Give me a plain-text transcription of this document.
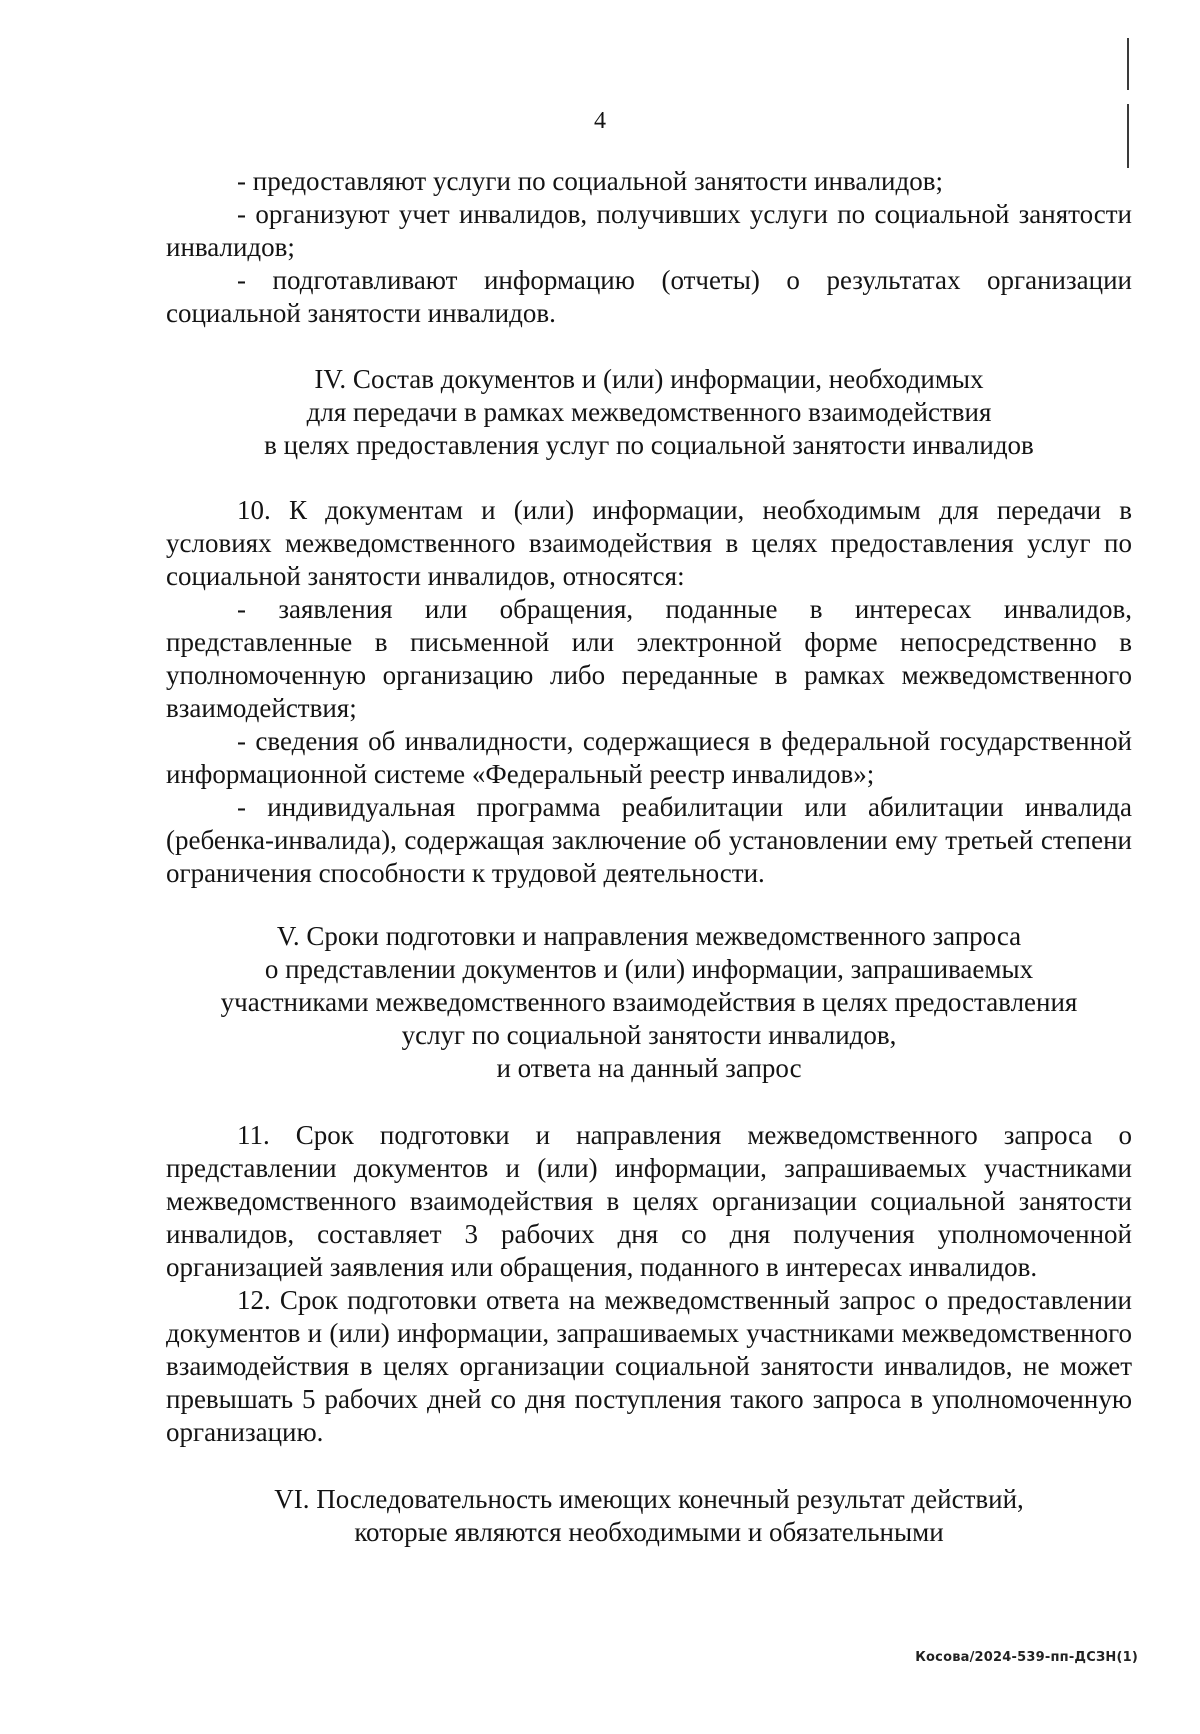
4

- предоставляют услуги по социальной занятости инвалидов;

- организуют учет инвалидов, получивших услуги по социальной занятости инвалидов;

- подготавливают информацию (отчеты) о результатах организации социальной занятости инвалидов.

IV. Состав документов и (или) информации, необходимых
для передачи в рамках межведомственного взаимодействия
в целях предоставления услуг по социальной занятости инвалидов

10. К документам и (или) информации, необходимым для передачи в условиях межведомственного взаимодействия в целях предоставления услуг по социальной занятости инвалидов, относятся:

- заявления или обращения, поданные в интересах инвалидов, представленные в письменной или электронной форме непосредственно в уполномоченную организацию либо переданные в рамках межведомственного взаимодействия;

- сведения об инвалидности, содержащиеся в федеральной государственной информационной системе «Федеральный реестр инвалидов»;

- индивидуальная программа реабилитации или абилитации инвалида (ребенка-инвалида), содержащая заключение об установлении ему третьей степени ограничения способности к трудовой деятельности.

V. Сроки подготовки и направления межведомственного запроса
о представлении документов и (или) информации, запрашиваемых
участниками межведомственного взаимодействия в целях предоставления
услуг по социальной занятости инвалидов,
и ответа на данный запрос

11. Срок подготовки и направления межведомственного запроса о представлении документов и (или) информации, запрашиваемых участниками межведомственного взаимодействия в целях организации социальной занятости инвалидов, составляет 3 рабочих дня со дня получения уполномоченной организацией заявления или обращения, поданного в интересах инвалидов.

12. Срок подготовки ответа на межведомственный запрос о предоставлении документов и (или) информации, запрашиваемых участниками межведомственного взаимодействия в целях организации социальной занятости инвалидов, не может превышать 5 рабочих дней со дня поступления такого запроса в уполномоченную организацию.

VI. Последовательность имеющих конечный результат действий,
которые являются необходимыми и обязательными
Косова/2024-539-пп-ДСЗН(1)
